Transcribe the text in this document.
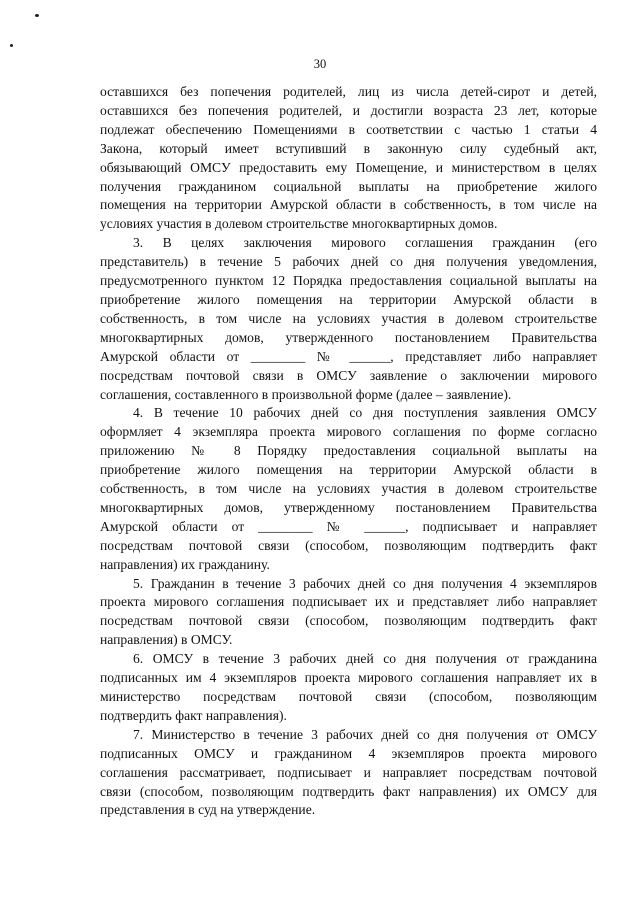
30
оставшихся без попечения родителей, лиц из числа детей-сирот и детей,
оставшихся без попечения родителей, и достигли возраста 23 лет, которые
подлежат обеспечению Помещениями в соответствии с частью 1 статьи 4
Закона, который имеет вступивший в законную силу судебный акт,
обязывающий ОМСУ предоставить ему Помещение, и министерством в целях
получения гражданином социальной выплаты на приобретение жилого
помещения на территории Амурской области в собственность, в том числе на
условиях участия в долевом строительстве многоквартирных домов.
3. В целях заключения мирового соглашения гражданин (его
представитель) в течение 5 рабочих дней со дня получения уведомления,
предусмотренного пунктом 12 Порядка предоставления социальной выплаты на
приобретение жилого помещения на территории Амурской области в
собственность, в том числе на условиях участия в долевом строительстве
многоквартирных домов, утвержденного постановлением Правительства
Амурской области от ________ № ______, представляет либо направляет
посредствам почтовой связи в ОМСУ заявление о заключении мирового
соглашения, составленного в произвольной форме (далее – заявление).
4. В течение 10 рабочих дней со дня поступления заявления ОМСУ
оформляет 4 экземпляра проекта мирового соглашения по форме согласно
приложению № 8 Порядку предоставления социальной выплаты на
приобретение жилого помещения на территории Амурской области в
собственность, в том числе на условиях участия в долевом строительстве
многоквартирных домов, утвержденному постановлением Правительства
Амурской области от ________ № ______, подписывает и направляет
посредствам почтовой связи (способом, позволяющим подтвердить факт
направления) их гражданину.
5. Гражданин в течение 3 рабочих дней со дня получения 4 экземпляров
проекта мирового соглашения подписывает их и представляет либо направляет
посредствам почтовой связи (способом, позволяющим подтвердить факт
направления) в ОМСУ.
6. ОМСУ в течение 3 рабочих дней со дня получения от гражданина
подписанных им 4 экземпляров проекта мирового соглашения направляет их в
министерство посредствам почтовой связи (способом, позволяющим
подтвердить факт направления).
7. Министерство в течение 3 рабочих дней со дня получения от ОМСУ
подписанных ОМСУ и гражданином 4 экземпляров проекта мирового
соглашения рассматривает, подписывает и направляет посредствам почтовой
связи (способом, позволяющим подтвердить факт направления) их ОМСУ для
представления в суд на утверждение.
